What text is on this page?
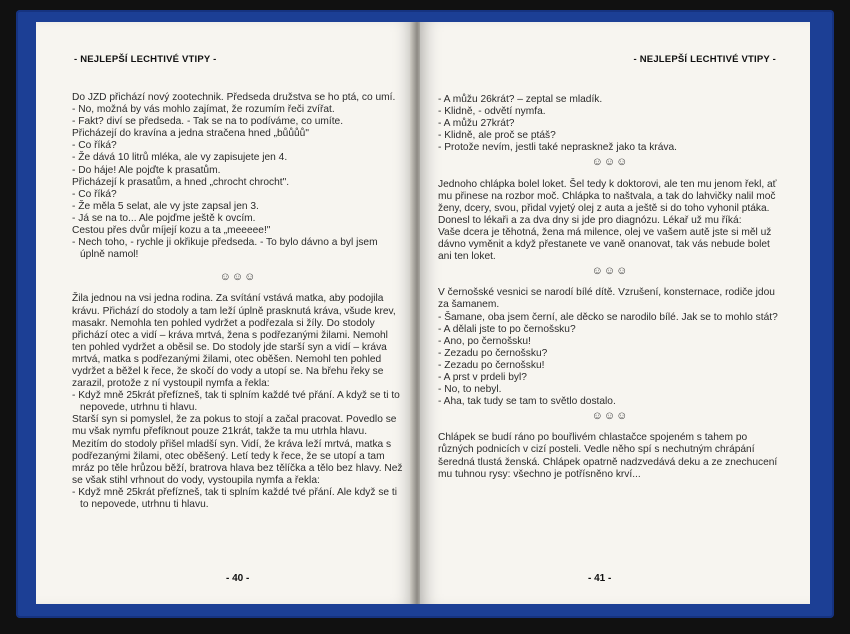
- NEJLEPŠÍ LECHTIVÉ VTIPY -

Do JZD přichází nový zootechnik. Předseda družstva se ho ptá, co umí.

- No, možná by vás mohlo zajímat, že rozumím řeči zvířat.

- Fakt? diví se předseda. - Tak se na to podíváme, co umíte.

Přicházejí do kravína a jedna stračena hned „bůůůů"

- Co říká?

- Že dává 10 litrů mléka, ale vy zapisujete jen 4.

- Do háje! Ale pojďte k prasatům.

Přicházejí k prasatům, a hned „chrocht chrocht".

- Co říká?

- Že měla 5 selat, ale vy jste zapsal jen 3.

- Já se na to... Ale pojďme ještě k ovcím.

Cestou přes dvůr míjejí kozu a ta „meeeee!"

- Nech toho, - rychle ji okřikuje předseda. - To bylo dávno a byl jsem úplně namol!

☺☺☺

Žila jednou na vsi jedna rodina. Za svítání vstává matka, aby podojila krávu. Přichází do stodoly a tam leží úplně prasknutá kráva, všude krev, masakr. Nemohla ten pohled vydržet a podřezala si žíly. Do stodoly přichází otec a vidí – kráva mrtvá, žena s podřezanými žilami. Nemohl ten pohled vydržet a oběsil se. Do stodoly jde starší syn a vidí – kráva mrtvá, matka s podřezanými žilami, otec oběšen. Nemohl ten pohled vydržet a běžel k řece, že skočí do vody a utopí se. Na břehu řeky se zarazil, protože z ní vystoupil nymfa a řekla:

- Když mně 25krát přefízneš, tak ti splním každé tvé přání. A když se ti to nepovede, utrhnu ti hlavu.

Starší syn si pomyslel, že za pokus to stojí a začal pracovat. Povedlo se mu však nymfu přefíknout pouze 21krát, takže ta mu utrhla hlavu. Mezitím do stodoly přišel mladší syn. Vidí, že kráva leží mrtvá, matka s podřezanými žilami, otec oběšený. Letí tedy k řece, že se utopí a tam mráz po těle hrůzou běží, bratrova hlava bez tělíčka a tělo bez hlavy. Než se však stihl vrhnout do vody, vystoupila nymfa a řekla:

- Když mně 25krát přefízneš, tak ti splním každé tvé přání. Ale když se ti to nepovede, utrhnu ti hlavu.

- 40 -
- NEJLEPŠÍ LECHTIVÉ VTIPY -

- A můžu 26krát? – zeptal se mladík.

- Klidně, - odvětí nymfa.

- A můžu 27krát?

- Klidně, ale proč se ptáš?

- Protože nevím, jestli také neprasknež jako ta kráva.

☺☺☺

Jednoho chlápka bolel loket. Šel tedy k doktorovi, ale ten mu jenom řekl, ať mu přinese na rozbor moč. Chlápka to naštvala, a tak do lahvičky nalil moč ženy, dcery, svou, přidal vyjetý olej z auta a ještě si do toho vyhonil ptáka. Donesl to lékaři a za dva dny si jde pro diagnózu. Lékař už mu říká:

Vaše dcera je těhotná, žena má milence, olej ve vašem autě jste si měl už dávno vyměnit a když přestanete ve vaně onanovat, tak vás nebude bolet ani ten loket.

☺☺☺

V černošské vesnici se narodí bílé dítě. Vzrušení, konsternace, rodiče jdou za šamanem.

- Šamane, oba jsem černí, ale děcko se narodilo bílé. Jak se to mohlo stát?

- A dělali jste to po černošsku?

- Ano, po černošsku!

- Zezadu po černošsku?

- Zezadu po černošsku!

- A prst v prdeli byl?

- No, to nebyl.

- Aha, tak tudy se tam to světlo dostalo.

☺☺☺

Chlápek se budí ráno po bouřlivém chlastačce spojeném s tahem po různých podnicích v cizí posteli. Vedle něho spí s nechutným chrápání šeredná tlustá ženská. Chlápek opatrně nadzvedává deku a ze znechucení mu tuhnou rysy: všechno je potřísněno krví...

- 41 -
